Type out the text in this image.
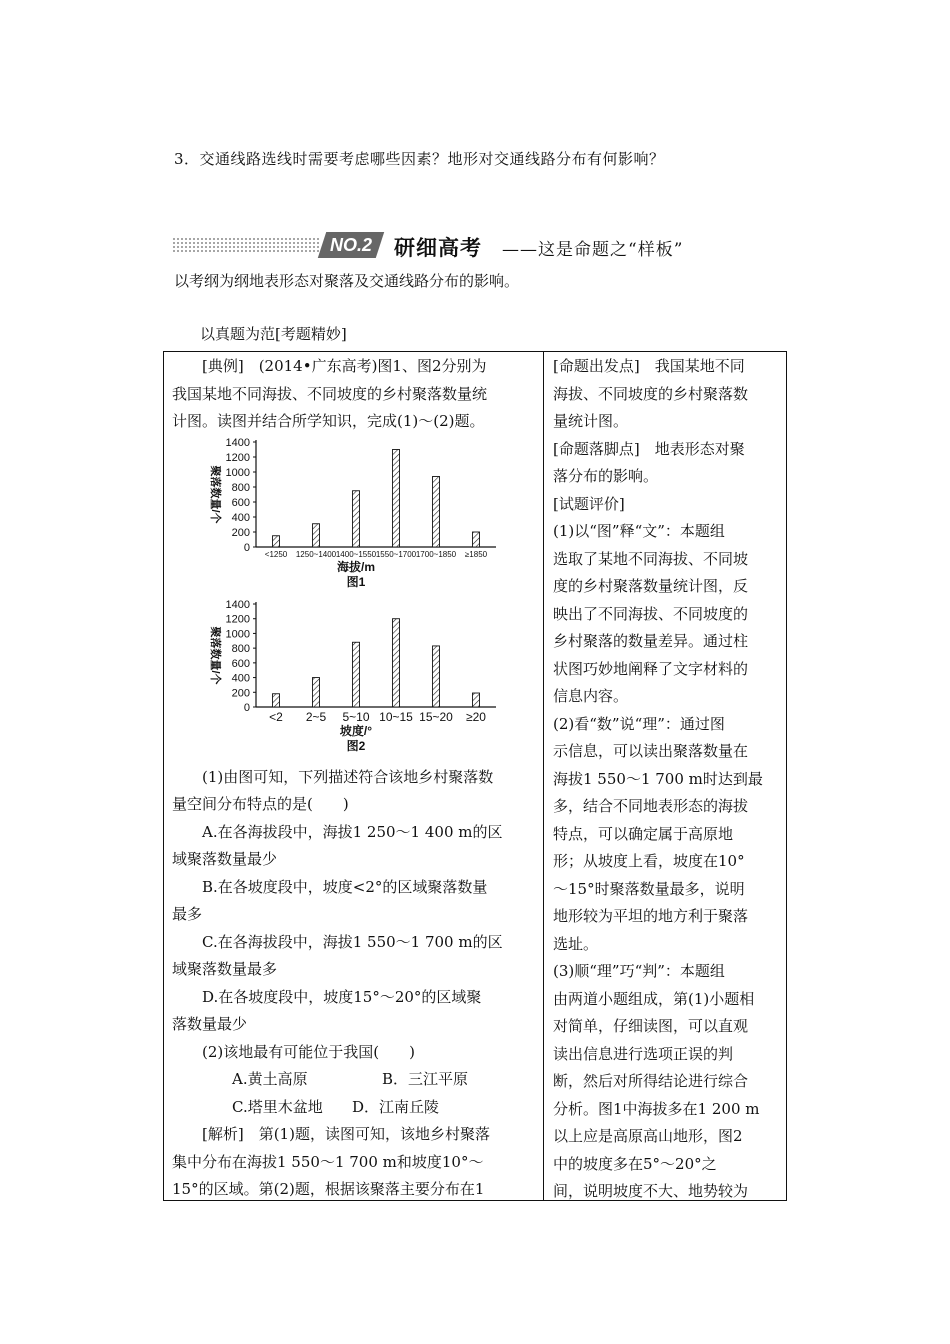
3．交通线路选线时需要考虑哪些因素？地形对交通线路分布有何影响？
NO.2	研细高考 ——这是命题之“样板”
以考纲为纲地表形态对聚落及交通线路分布的影响。
以真题为范[考题精妙]

[典例]　(2014•广东高考)图1、图2分别为

我国某地不同海拔、不同坡度的乡村聚落数量统

计图。读图并结合所学知识，完成(1)～(2)题。

(1)由图可知，下列描述符合该地乡村聚落数

量空间分布特点的是(　　)

A.在各海拔段中，海拔1 250～1 400 m的区

域聚落数量最少

B.在各坡度段中，坡度<2°的区域聚落数量

最多

C.在各海拔段中，海拔1 550～1 700 m的区

域聚落数量最多

D.在各坡度段中，坡度15°～20°的区域聚

落数量最少

(2)该地最有可能位于我国(　　)

A.黄土高原	B．三江平原

C.塔里木盆地 D．江南丘陵

[解析]　第(1)题，读图可知，该地乡村聚落

集中分布在海拔1 550～1 700 m和坡度10°～

15°的区域。第(2)题，根据该聚落主要分布在1

[命题出发点]　我国某地不同

海拔、不同坡度的乡村聚落数

量统计图。

[命题落脚点]　地表形态对聚

落分布的影响。

[试题评价]

(1)以“图”释“文”：本题组

选取了某地不同海拔、不同坡

度的乡村聚落数量统计图，反

映出了不同海拔、不同坡度的

乡村聚落的数量差异。通过柱

状图巧妙地阐释了文字材料的

信息内容。

(2)看“数”说“理”：通过图

示信息，可以读出聚落数量在

海拔1 550～1 700 m时达到最

多，结合不同地表形态的海拔

特点，可以确定属于高原地

形；从坡度上看，坡度在10°

～15°时聚落数量最多，说明

地形较为平坦的地方利于聚落

选址。

(3)顺“理”巧“判”：本题组

由两道小题组成，第(1)小题相

对简单，仔细读图，可以直观

读出信息进行选项正误的判

断，然后对所得结论进行综合

分析。图1中海拔多在1 200 m

以上应是高原高山地形，图2

中的坡度多在5°～20°之

间，说明坡度不大、地势较为

聚落数量/个
0
200
400
600
800
1000
1200
1400
<1250 1250~1400 1400~1550 1550~1700 1700~1850 ≥1850
海拔/m
图1
聚落数量/个
0
200
400
600
800
1000
1200
1400
<2 2~5 5~10 10~15 15~20 ≥20
坡度/°
图2
